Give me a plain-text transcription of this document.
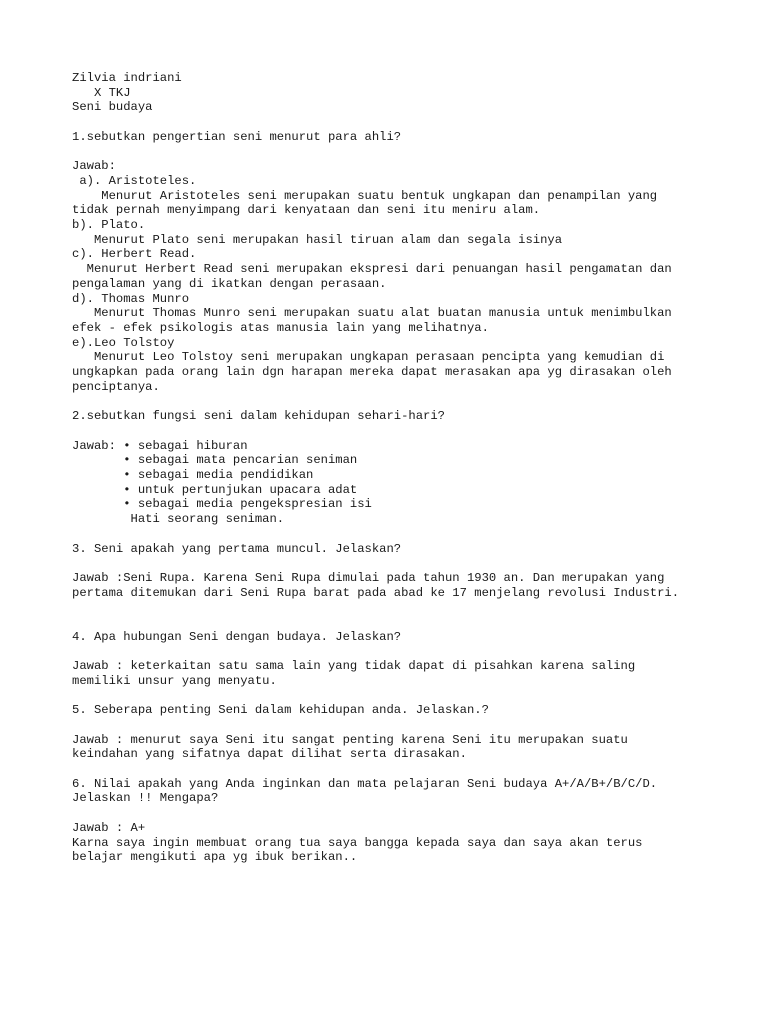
Zilvia indriani
X TKJ
Seni budaya

1.sebutkan pengertian seni menurut para ahli?

Jawab:
a). Aristoteles.
Menurut Aristoteles seni merupakan suatu bentuk ungkapan dan penampilan yang
tidak pernah menyimpang dari kenyataan dan seni itu meniru alam.
b). Plato.
Menurut Plato seni merupakan hasil tiruan alam dan segala isinya
c). Herbert Read.
Menurut Herbert Read seni merupakan ekspresi dari penuangan hasil pengamatan dan
pengalaman yang di ikatkan dengan perasaan.
d). Thomas Munro
Menurut Thomas Munro seni merupakan suatu alat buatan manusia untuk menimbulkan
efek - efek psikologis atas manusia lain yang melihatnya.
e).Leo Tolstoy
Menurut Leo Tolstoy seni merupakan ungkapan perasaan pencipta yang kemudian di
ungkapkan pada orang lain dgn harapan mereka dapat merasakan apa yg dirasakan oleh
penciptanya.

2.sebutkan fungsi seni dalam kehidupan sehari-hari?

Jawab: • sebagai hiburan
• sebagai mata pencarian seniman
• sebagai media pendidikan
• untuk pertunjukan upacara adat
• sebagai media pengekspresian isi
Hati seorang seniman.

3. Seni apakah yang pertama muncul. Jelaskan?

Jawab :Seni Rupa. Karena Seni Rupa dimulai pada tahun 1930 an. Dan merupakan yang
pertama ditemukan dari Seni Rupa barat pada abad ke 17 menjelang revolusi Industri.

4. Apa hubungan Seni dengan budaya. Jelaskan?

Jawab : keterkaitan satu sama lain yang tidak dapat di pisahkan karena saling
memiliki unsur yang menyatu.

5. Seberapa penting Seni dalam kehidupan anda. Jelaskan.?

Jawab : menurut saya Seni itu sangat penting karena Seni itu merupakan suatu
keindahan yang sifatnya dapat dilihat serta dirasakan.

6. Nilai apakah yang Anda inginkan dan mata pelajaran Seni budaya A+/A/B+/B/C/D.
Jelaskan !! Mengapa?

Jawab : A+
Karna saya ingin membuat orang tua saya bangga kepada saya dan saya akan terus
belajar mengikuti apa yg ibuk berikan..
